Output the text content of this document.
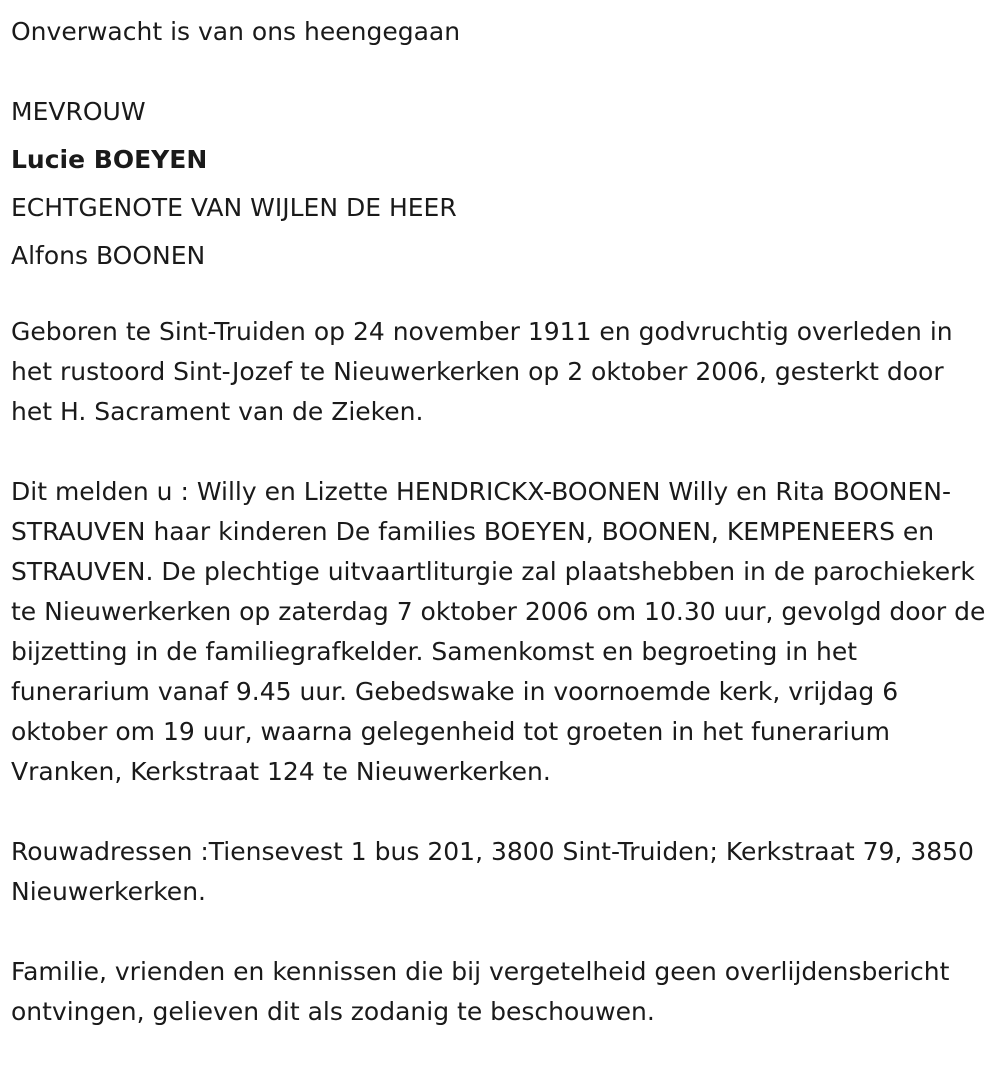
Onverwacht is van ons heengegaan

MEVROUW

Lucie BOEYEN

ECHTGENOTE VAN WIJLEN DE HEER

Alfons BOONEN

Geboren te Sint-Truiden op 24 november 1911 en godvruchtig overleden in het rustoord Sint-Jozef te Nieuwerkerken op 2 oktober 2006, gesterkt door het H. Sacrament van de Zieken.

Dit melden u : Willy en Lizette HENDRICKX-BOONEN Willy en Rita BOONEN-STRAUVEN haar kinderen De families BOEYEN, BOONEN, KEMPENEERS en STRAUVEN. De plechtige uitvaartliturgie zal plaatshebben in de parochiekerk te Nieuwerkerken op zaterdag 7 oktober 2006 om 10.30 uur, gevolgd door de bijzetting in de familiegrafkelder. Samenkomst en begroeting in het funerarium vanaf 9.45 uur. Gebedswake in voornoemde kerk, vrijdag 6 oktober om 19 uur, waarna gelegenheid tot groeten in het funerarium Vranken, Kerkstraat 124 te Nieuwerkerken.

Rouwadressen :Tiensevest 1 bus 201, 3800 Sint-Truiden; Kerkstraat 79, 3850 Nieuwerkerken.

Familie, vrienden en kennissen die bij vergetelheid geen overlijdensbericht ontvingen, gelieven dit als zodanig te beschouwen.
